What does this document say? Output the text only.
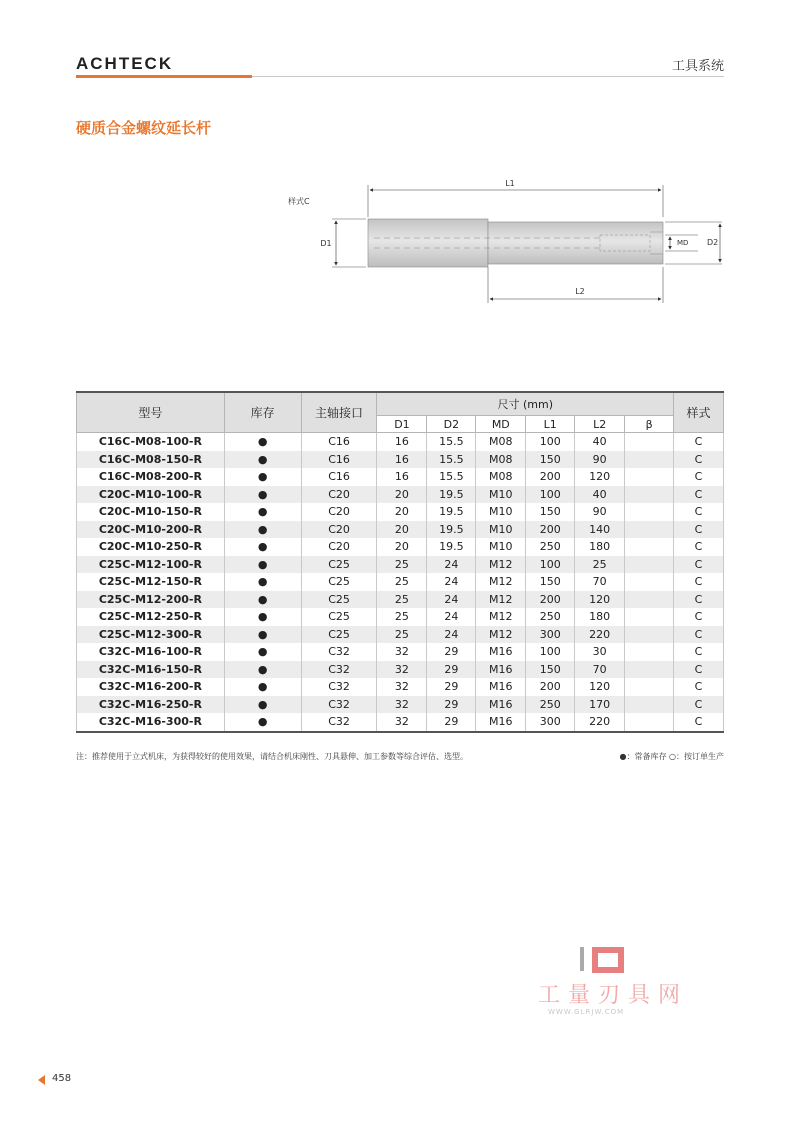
ACHTECK	工具系统
硬质合金螺纹延长杆
样式C
L1
D1	MD D2
L2
型号	库存	主轴接口	尺寸 (mm)						样式
			D1	D2	MD	L1	L2	β	
C16C-M08-100-R	●	C16	16	15.5	M08	100	40		C
C16C-M08-150-R	●	C16	16	15.5	M08	150	90		C
C16C-M08-200-R	●	C16	16	15.5	M08	200	120		C
C20C-M10-100-R	●	C20	20	19.5	M10	100	40		C
C20C-M10-150-R	●	C20	20	19.5	M10	150	90		C
C20C-M10-200-R	●	C20	20	19.5	M10	200	140		C
C20C-M10-250-R	●	C20	20	19.5	M10	250	180		C
C25C-M12-100-R	●	C25	25	24	M12	100	25		C
C25C-M12-150-R	●	C25	25	24	M12	150	70		C
C25C-M12-200-R	●	C25	25	24	M12	200	120		C
C25C-M12-250-R	●	C25	25	24	M12	250	180		C
C25C-M12-300-R	●	C25	25	24	M12	300	220		C
C32C-M16-100-R	●	C32	32	29	M16	100	30		C
C32C-M16-150-R	●	C32	32	29	M16	150	70		C
C32C-M16-200-R	●	C32	32	29	M16	200	120		C
C32C-M16-250-R	●	C32	32	29	M16	250	170		C
C32C-M16-300-R	●	C32	32	29	M16	300	220		C
注：推荐使用于立式机床，为获得较好的使用效果，请结合机床刚性、刀具悬伸、加工参数等综合评估、选型。	●：常备库存 ○：按订单生产
工量刃具网
WWW.GLRJW.COM
458
